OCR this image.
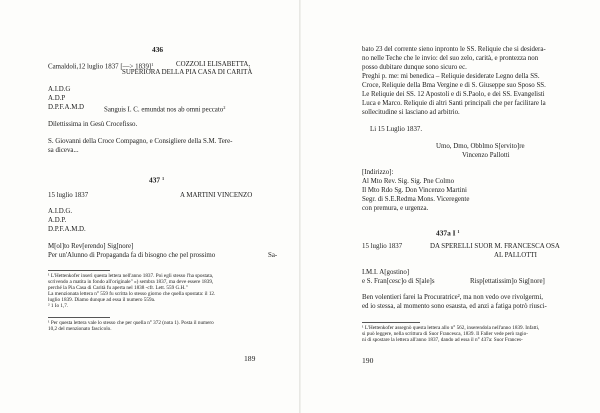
436
Camaldoli,12 luglio 1837 [—> 1839]$^1$	COZZOLI ELISABETTA,
SUPERIORA DELLA PIA CASA DI CARITÀ
A.I.D.G
A.D.P
D.P.F.A.M.D	Sanguis I. C. emundat nos ab omni peccato$^2$
Dilettissima in Gesù Crocefisso.
S. Giovanni della Croce Compagno, e Consigliere della S.M. Tere-
sa diceva...
437 $^1$
15 luglio 1837	A MARTINI VINCENZO
A.I.D.G.
A.D.P.
D.P.F.A.M.D.
M[ol]to Rev[erendo] Sig[nore]
Per un'Alunno di Propaganda fa di bisogno che pel prossimo	Sa-
¹ L'Hettenkofer inserì questa lettera nell'anno 1837. Poi egli stesso l'ha spostata,
scrivendo a matita in fondo all'originale" «) sembra 1837, ma deve essere 1839,
perché la Pia Casa di Carità fu aperta nel 1838 -cfr. Lett. 559 G.H."
La menzionata lettera n° 559 fu scritta lo stesso giorno che quella spostata: il 12.
luglio 1839. Diamo dunque ad essa il numero 559a.
² 1 Io 1,7.
¹ Per questa lettera vale lo stesso che per quella n° 372 (nota 1). Posta il numero
10,2 del menzionato fascicolo.
189
bato 23 del corrente sieno inpronto le SS. Reliquie che si desidera-
no nelle Teche che le invio: del suo zelo, carità, e prontezza non
posso dubitare dunque sono sicuro ec.
Preghi p. me: mi benedica – Reliquie desiderate Legno della SS.
Croce, Reliquie della Bma Vergine e di S. Giuseppe suo Sposo SS.
Le Reliquie dei SS. 12 Apostoli e di S.Paolo, e dei SS. Evangelisti
Luca e Marco. Reliquie di altri Santi principali che per facilitare la
sollecitudine si lasciano ad arbitrio.
Li 15 Luglio 1837.
Umo, Dmo, Obblmo S[ervito]re
Vincenzo Pallotti
[Indirizzo]:
Al Mto Rev. Sig. Sig. Pne Colmo
Il Mto Rdo Sg. Don Vincenzo Martini
Segr. di S.E.Redma Mons. Viceregente
con premura, e urgenza.
437a I $^1$
15 luglio 1837	DA SPERELLI SUOR M. FRANCESCA OSA
AL PALLOTTI
I.M.I. A[gostino]
e S. Fran[cesc]o di S[ale]s	Risp[ettatissim]o Sig[nore]
Ben volentieri farei la Procuratrice², ma non vedo ove rivolgermi,
ed io stessa, al momento sono esausta, ed anzi a fatiga potrò riusci-
¹ L'Hettenkofer assegnò questa lettera allo n° 562, inserendola nell'anno 1839. Infatti,
si può leggere, nella scrittura di Suor Francesca, 1839. Il Faller vede però ragio-
ni di spostare la lettera all'anno 1837, dando ad essa il n° 437a: Suor Frances-
190
